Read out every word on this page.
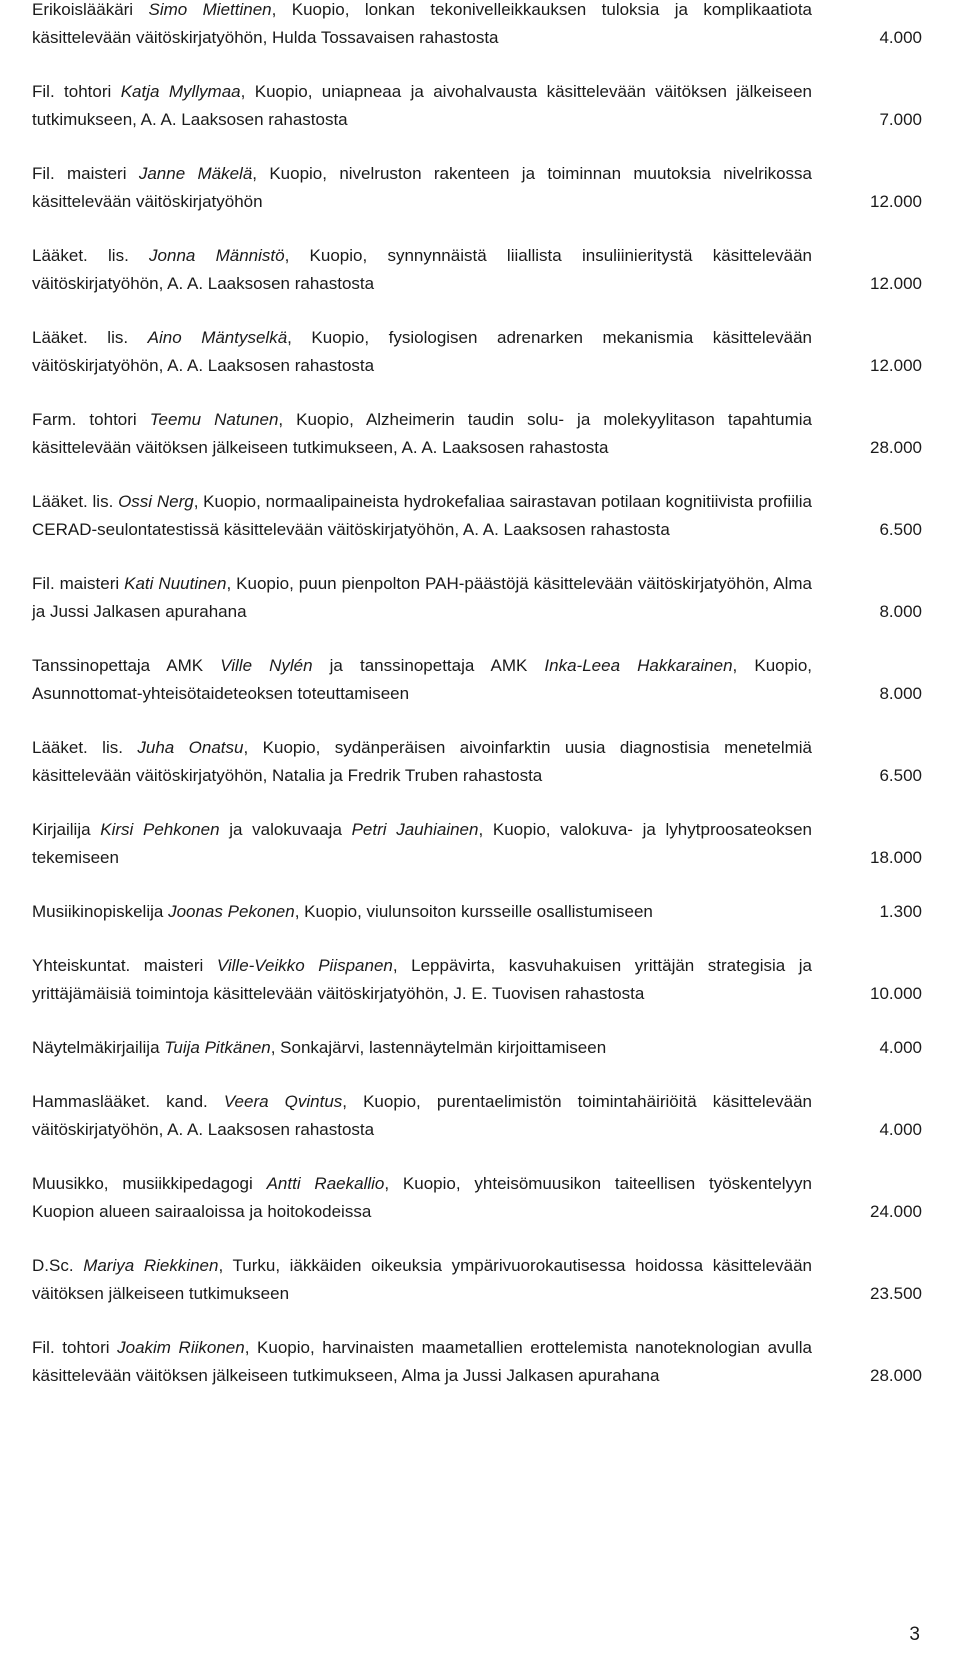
Erikoislääkäri Simo Miettinen, Kuopio, lonkan tekonivelleikkauksen tuloksia ja komplikaatiota käsittelevään väitöskirjatyöhön, Hulda Tossavaisen rahastosta	4.000
Fil. tohtori Katja Myllymaa, Kuopio, uniapneaa ja aivohalvausta käsittelevään väitöksen jälkeiseen tutkimukseen, A. A. Laaksosen rahastosta	7.000
Fil. maisteri Janne Mäkelä, Kuopio, nivelruston rakenteen ja toiminnan muutoksia nivelrikossa käsittelevään väitöskirjatyöhön	12.000
Lääket. lis. Jonna Männistö, Kuopio, synnynnäistä liiallista insuliinieritystä käsittelevään väitöskirjatyöhön, A. A. Laaksosen rahastosta	12.000
Lääket. lis. Aino Mäntyselkä, Kuopio, fysiologisen adrenarken mekanismia käsittelevään väitöskirjatyöhön, A. A. Laaksosen rahastosta	12.000
Farm. tohtori Teemu Natunen, Kuopio, Alzheimerin taudin solu- ja molekyylitason tapahtumia käsittelevään väitöksen jälkeiseen tutkimukseen, A. A. Laaksosen rahastosta	28.000
Lääket. lis. Ossi Nerg, Kuopio, normaalipaineista hydrokefaliaa sairastavan potilaan kognitiivista profiilia CERAD-seulontatestissä käsittelevään väitöskirjatyöhön, A. A. Laaksosen rahastosta	6.500
Fil. maisteri Kati Nuutinen, Kuopio, puun pienpolton PAH-päästöjä käsittelevään väitöskirjatyöhön, Alma ja Jussi Jalkasen apurahana	8.000
Tanssinopettaja AMK Ville Nylén ja tanssinopettaja AMK Inka-Leea Hakkarainen, Kuopio, Asunnottomat-yhteisötaideteoksen toteuttamiseen	8.000
Lääket. lis. Juha Onatsu, Kuopio, sydänperäisen aivoinfarktin uusia diagnostisia menetelmiä käsittelevään väitöskirjatyöhön, Natalia ja Fredrik Truben rahastosta	6.500
Kirjailija Kirsi Pehkonen ja valokuvaaja Petri Jauhiainen, Kuopio, valokuva- ja lyhytproosateoksen tekemiseen	18.000
Musiikinopiskelija Joonas Pekonen, Kuopio, viulunsoiton kursseille osallistumiseen	1.300
Yhteiskuntat. maisteri Ville-Veikko Piispanen, Leppävirta, kasvuhakuisen yrittäjän strategisia ja yrittäjämäisiä toimintoja käsittelevään väitöskirjatyöhön, J. E. Tuovisen rahastosta	10.000
Näytelmäkirjailija Tuija Pitkänen, Sonkajärvi, lastennäytelmän kirjoittamiseen	4.000
Hammaslääket. kand. Veera Qvintus, Kuopio, purentaelimistön toimintahäiriöitä käsittelevään väitöskirjatyöhön, A. A. Laaksosen rahastosta	4.000
Muusikko, musiikkipedagogi Antti Raekallio, Kuopio, yhteisömuusikon taiteellisen työskentelyyn Kuopion alueen sairaaloissa ja hoitokodeissa	24.000
D.Sc. Mariya Riekkinen, Turku, iäkkäiden oikeuksia ympärivuorokautisessa hoidossa käsittelevään väitöksen jälkeiseen tutkimukseen	23.500
Fil. tohtori Joakim Riikonen, Kuopio, harvinaisten maametallien erottelemista nanoteknologian avulla käsittelevään väitöksen jälkeiseen tutkimukseen, Alma ja Jussi Jalkasen apurahana	28.000
3
